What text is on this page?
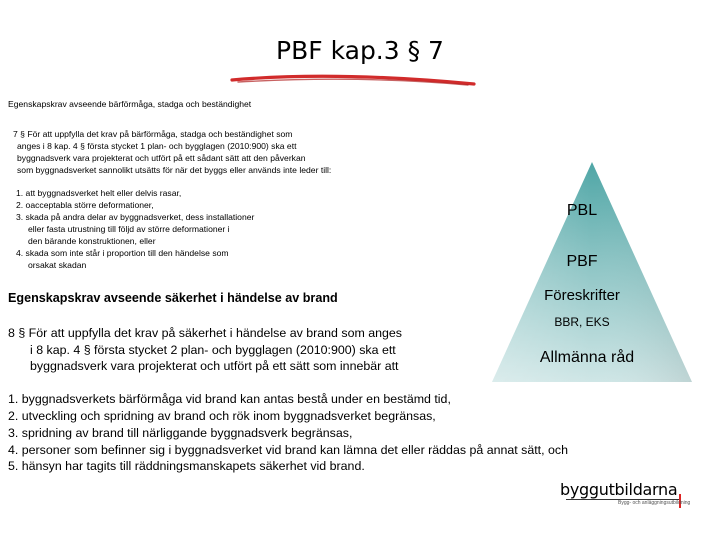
PBF kap.3 § 7
Egenskapskrav avseende bärförmåga, stadga och beständighet
7 § För att uppfylla det krav på bärförmåga, stadga och beständighet som
anges i 8 kap. 4 § första stycket 1 plan- och bygglagen (2010:900) ska ett
byggnadsverk vara projekterat och utfört på ett sådant sätt att den påverkan
som byggnadsverket sannolikt utsätts för när det byggs eller används inte leder till:
1. att byggnadsverket helt eller delvis rasar,
2. oacceptabla större deformationer,
3. skada på andra delar av byggnadsverket, dess installationer
eller fasta utrustning till följd av större deformationer i
den bärande konstruktionen, eller
4. skada som inte står i proportion till den händelse som
orsakat skadan
Egenskapskrav avseende säkerhet i händelse av brand
8 § För att uppfylla det krav på säkerhet i händelse av brand som anges
i 8 kap. 4 § första stycket 2 plan- och bygglagen (2010:900) ska ett
byggnadsverk vara projekterat och utfört på ett sätt som innebär att
1. byggnadsverkets bärförmåga vid brand kan antas bestå under en bestämd tid,
2. utveckling och spridning av brand och rök inom byggnadsverket begränsas,
3. spridning av brand till närliggande byggnadsverk begränsas,
4. personer som befinner sig i byggnadsverket vid brand kan lämna det eller räddas på annat sätt, och
5. hänsyn har tagits till räddningsmanskapets säkerhet vid brand.
PBL
PBF
Föreskrifter
BBR, EKS
Allmänna råd
byggutbildarna
Bygg- och anläggningsutbildning
